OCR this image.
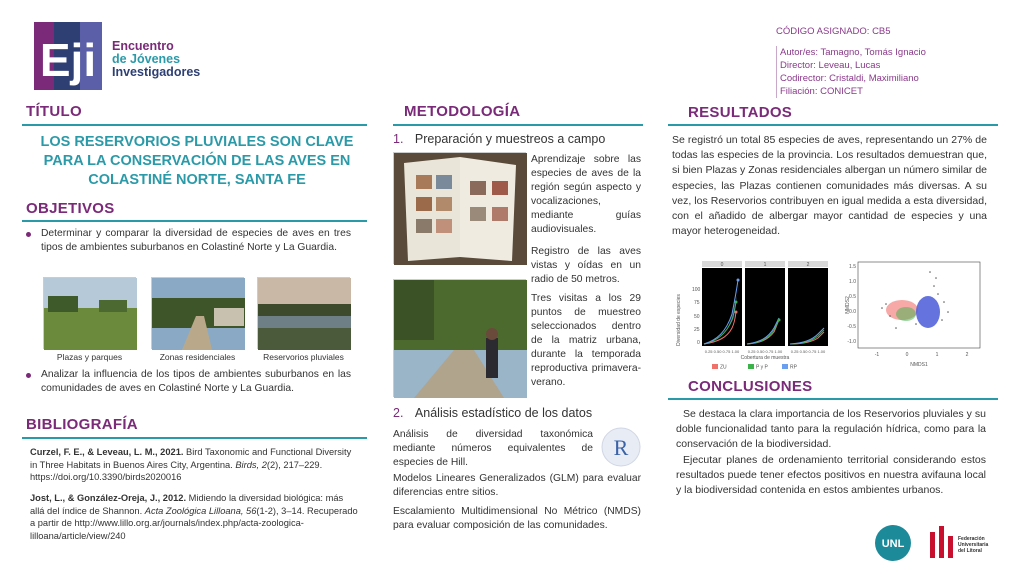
Eji Encuentro
de Jóvenes
Investigadores
CÓDIGO ASIGNADO: CB5
Autor/es: Tamagno, Tomás Ignacio
Director: Leveau, Lucas
Codirector: Cristaldi, Maximiliano
Filiación: CONICET
TÍTULO
LOS RESERVORIOS PLUVIALES SON CLAVE PARA LA CONSERVACIÓN DE LAS AVES EN COLASTINÉ NORTE, SANTA FE
OBJETIVOS
Determinar y comparar la diversidad de especies de aves en tres tipos de ambientes suburbanos en Colastiné Norte y La Guardia.
Plazas y parques	Zonas residenciales	Reservorios pluviales
Analizar la influencia de los tipos de ambientes suburbanos en las comunidades de aves en Colastiné Norte y La Guardia.
BIBLIOGRAFÍA
Curzel, F. E., & Leveau, L. M., 2021. Bird Taxonomic and Functional Diversity in Three Habitats in Buenos Aires City, Argentina. Birds, 2(2), 217–229. https://doi.org/10.3390/birds2020016
Jost, L., & González-Oreja, J., 2012. Midiendo la diversidad biológica: más allá del índice de Shannon. Acta Zoológica Lilloana, 56(1-2), 3–14. Recuperado a partir de http://www.lillo.org.ar/journals/index.php/acta-zoologica-lilloana/article/view/240
METODOLOGÍA
1. Preparación y muestreos a campo
Aprendizaje sobre las especies de aves de la región según aspecto y vocalizaciones, mediante guías audiovisuales.
Registro de las aves vistas y oídas en un radio de 50 metros.
Tres visitas a los 29 puntos de muestreo seleccionados dentro de la matriz urbana, durante la temporada reproductiva primavera-verano.
2. Análisis estadístico de los datos
Análisis de diversidad taxonómica mediante números equivalentes de especies de Hill.
R
Modelos Lineares Generalizados (GLM) para evaluar diferencias entre sitios.
Escalamiento Multidimensional No Métrico (NMDS) para evaluar composición de las comunidades.
RESULTADOS
Se registró un total 85 especies de aves, representando un 27% de todas las especies de la provincia. Los resultados demuestran que, si bien Plazas y Zonas residenciales albergan un número similar de especies, las Plazas contienen comunidades más diversas. A su vez, los Reservorios contribuyen en igual medida a esta diversidad, con el añadido de albergar mayor cantidad de especies y una mayor heterogeneidad.
Diversidad de especies
100
75
50
25
0
0	1	2
0.25 0.50 0.75 1.00 0.25 0.50 0.75 1.00 0.25 0.50 0.75 1.00
Cobertura de muestra
ZU	P y P	RP
NMDS2
1.5
1.0
0.5
0.0
-0.5
-1.0
-1	0	1	2
NMDS1
CONCLUSIONES
Se destaca la clara importancia de los Reservorios pluviales y su doble funcionalidad tanto para la regulación hídrica, como para la conservación de la biodiversidad.
Ejecutar planes de ordenamiento territorial considerando estos resultados puede tener efectos positivos en nuestra avifauna local y la biodiversidad contenida en estos ambientes urbanos.
UNL	Federación
Universitaria
del Litoral
